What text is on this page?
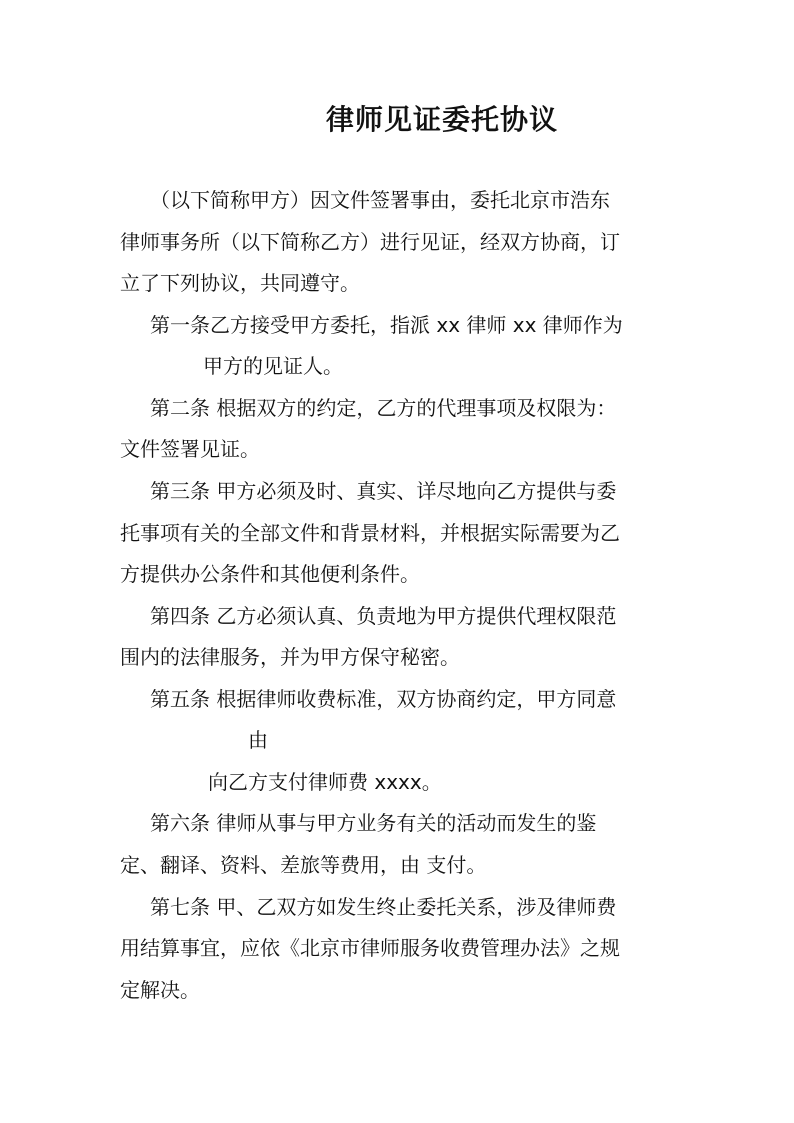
律师见证委托协议
（以下简称甲方）因文件签署事由，委托北京市浩东
律师事务所（以下简称乙方）进行见证，经双方协商，订
立了下列协议，共同遵守。
第一条乙方接受甲方委托，指派 xx 律师 xx 律师作为
甲方的见证人。
第二条 根据双方的约定，乙方的代理事项及权限为：
文件签署见证。
第三条 甲方必须及时、真实、详尽地向乙方提供与委
托事项有关的全部文件和背景材料，并根据实际需要为乙
方提供办公条件和其他便利条件。
第四条 乙方必须认真、负责地为甲方提供代理权限范
围内的法律服务，并为甲方保守秘密。
第五条 根据律师收费标准，双方协商约定，甲方同意
由
向乙方支付律师费 xxxx。
第六条 律师从事与甲方业务有关的活动而发生的鉴
定、翻译、资料、差旅等费用，由 支付。
第七条 甲、乙双方如发生终止委托关系，涉及律师费
用结算事宜，应依《北京市律师服务收费管理办法》之规
定解决。
